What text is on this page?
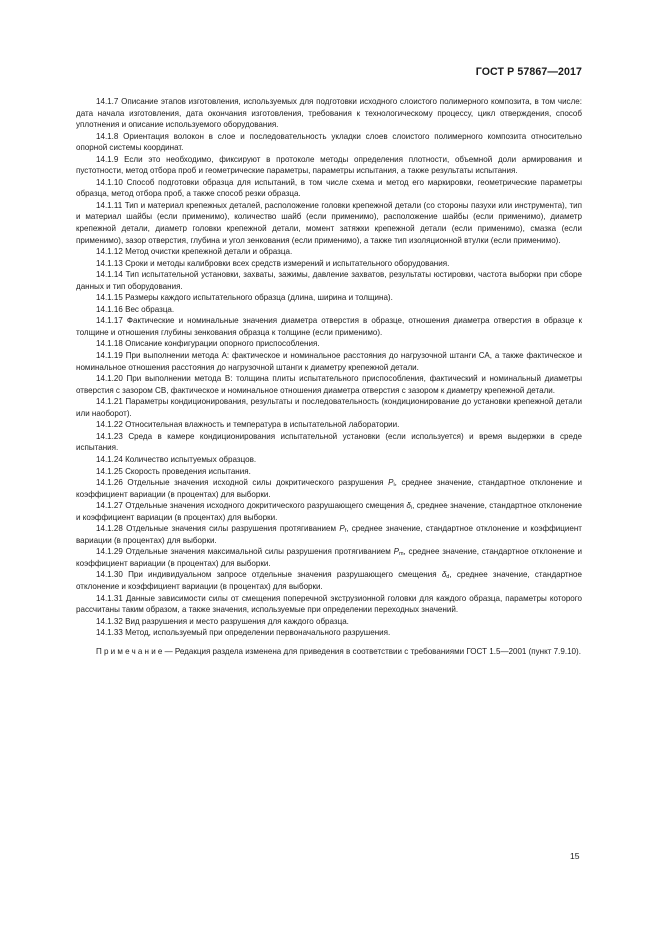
ГОСТ Р 57867—2017

14.1.7 Описание этапов изготовления, используемых для подготовки исходного слоистого полимерного композита, в том числе: дата начала изготовления, дата окончания изготовления, требования к технологическому процессу, цикл отверждения, способ уплотнения и описание используемого оборудования.

14.1.8 Ориентация волокон в слое и последовательность укладки слоев слоистого полимерного композита относительно опорной системы координат.

14.1.9 Если это необходимо, фиксируют в протоколе методы определения плотности, объемной доли армирования и пустотности, метод отбора проб и геометрические параметры, параметры испытания, а также результаты испытания.

14.1.10 Способ подготовки образца для испытаний, в том числе схема и метод его маркировки, геометрические параметры образца, метод отбора проб, а также способ резки образца.

14.1.11 Тип и материал крепежных деталей, расположение головки крепежной детали (со стороны пазухи или инструмента), тип и материал шайбы (если применимо), количество шайб (если применимо), расположение шайбы (если применимо), диаметр крепежной детали, диаметр головки крепежной детали, момент затяжки крепежной детали (если применимо), смазка (если применимо), зазор отверстия, глубина и угол зенкования (если применимо), а также тип изоляционной втулки (если применимо).

14.1.12 Метод очистки крепежной детали и образца.

14.1.13 Сроки и методы калибровки всех средств измерений и испытательного оборудования.

14.1.14 Тип испытательной установки, захваты, зажимы, давление захватов, результаты юстировки, частота выборки при сборе данных и тип оборудования.

14.1.15 Размеры каждого испытательного образца (длина, ширина и толщина).

14.1.16 Вес образца.

14.1.17 Фактические и номинальные значения диаметра отверстия в образце, отношения диаметра отверстия в образце к толщине и отношения глубины зенкования образца к толщине (если применимо).

14.1.18 Описание конфигурации опорного приспособления.

14.1.19 При выполнении метода А: фактическое и номинальное расстояния до нагрузочной штанги СА, а также фактическое и номинальное отношения расстояния до нагрузочной штанги к диаметру крепежной детали.

14.1.20 При выполнении метода В: толщина плиты испытательного приспособления, фактический и номинальный диаметры отверстия с зазором СВ, фактическое и номинальное отношения диаметра отверстия с зазором к диаметру крепежной детали.

14.1.21 Параметры кондиционирования, результаты и последовательность (кондиционирование до установки крепежной детали или наоборот).

14.1.22 Относительная влажность и температура в испытательной лаборатории.

14.1.23 Среда в камере кондиционирования испытательной установки (если используется) и время выдержки в среде испытания.

14.1.24 Количество испытуемых образцов.

14.1.25 Скорость проведения испытания.

14.1.26 Отдельные значения исходной силы докритического разрушения $P_i$, среднее значение, стандартное отклонение и коэффициент вариации (в процентах) для выборки.

14.1.27 Отдельные значения исходного докритического разрушающего смещения $\delta_i$, среднее значение, стандартное отклонение и коэффициент вариации (в процентах) для выборки.

14.1.28 Отдельные значения силы разрушения протягиванием $P_f$, среднее значение, стандартное отклонение и коэффициент вариации (в процентах) для выборки.

14.1.29 Отдельные значения максимальной силы разрушения протягиванием $P_m$, среднее значение, стандартное отклонение и коэффициент вариации (в процентах) для выборки.

14.1.30 При индивидуальном запросе отдельные значения разрушающего смещения $\delta_d$, среднее значение, стандартное отклонение и коэффициент вариации (в процентах) для выборки.

14.1.31 Данные зависимости силы от смещения поперечной экструзионной головки для каждого образца, параметры которого рассчитаны таким образом, а также значения, используемые при определении переходных значений.

14.1.32 Вид разрушения и место разрушения для каждого образца.

14.1.33 Метод, используемый при определении первоначального разрушения.

Примечание— Редакция раздела изменена для приведения в соответствии с требованиями ГОСТ 1.5—2001 (пункт 7.9.10).

15
